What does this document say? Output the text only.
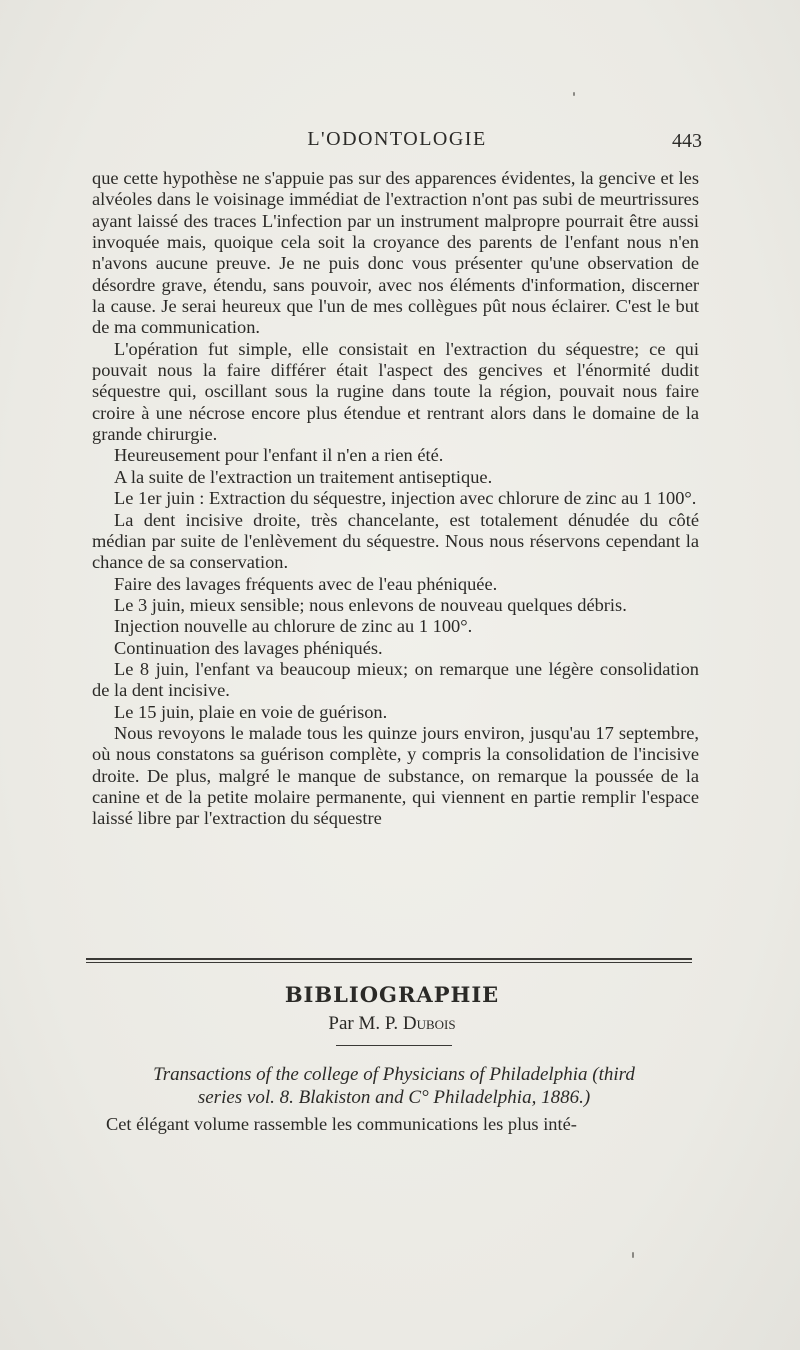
L'ODONTOLOGIE	443

que cette hypothèse ne s'appuie pas sur des apparences évidentes, la gencive et les alvéoles dans le voisinage immédiat de l'extraction n'ont pas subi de meurtrissures ayant laissé des traces L'infection par un instrument malpropre pourrait être aussi invoquée mais, quoique cela soit la croyance des parents de l'enfant nous n'en n'avons aucune preuve. Je ne puis donc vous présenter qu'une observation de désordre grave, étendu, sans pouvoir, avec nos éléments d'information, discerner la cause. Je serai heureux que l'un de mes collègues pût nous éclairer. C'est le but de ma communication.

L'opération fut simple, elle consistait en l'extraction du séquestre; ce qui pouvait nous la faire différer était l'aspect des gencives et l'énormité dudit séquestre qui, oscillant sous la rugine dans toute la région, pouvait nous faire croire à une nécrose encore plus étendue et rentrant alors dans le domaine de la grande chirurgie.

Heureusement pour l'enfant il n'en a rien été.

A la suite de l'extraction un traitement antiseptique.

Le 1er juin : Extraction du séquestre, injection avec chlorure de zinc au 1 100°.

La dent incisive droite, très chancelante, est totalement dénudée du côté médian par suite de l'enlèvement du séquestre. Nous nous réservons cependant la chance de sa conservation.

Faire des lavages fréquents avec de l'eau phéniquée.

Le 3 juin, mieux sensible; nous enlevons de nouveau quelques débris.

Injection nouvelle au chlorure de zinc au 1 100°.

Continuation des lavages phéniqués.

Le 8 juin, l'enfant va beaucoup mieux; on remarque une légère consolidation de la dent incisive.

Le 15 juin, plaie en voie de guérison.

Nous revoyons le malade tous les quinze jours environ, jusqu'au 17 septembre, où nous constatons sa guérison complète, y compris la consolidation de l'incisive droite. De plus, malgré le manque de substance, on remarque la poussée de la canine et de la petite molaire permanente, qui viennent en partie remplir l'espace laissé libre par l'extraction du séquestre

BIBLIOGRAPHIE
Par M. P. Dubois
Transactions of the college of Physicians of Philadelphia (third
series vol. 8. Blakiston and C° Philadelphia, 1886.)
Cet élégant volume rassemble les communications les plus inté-
